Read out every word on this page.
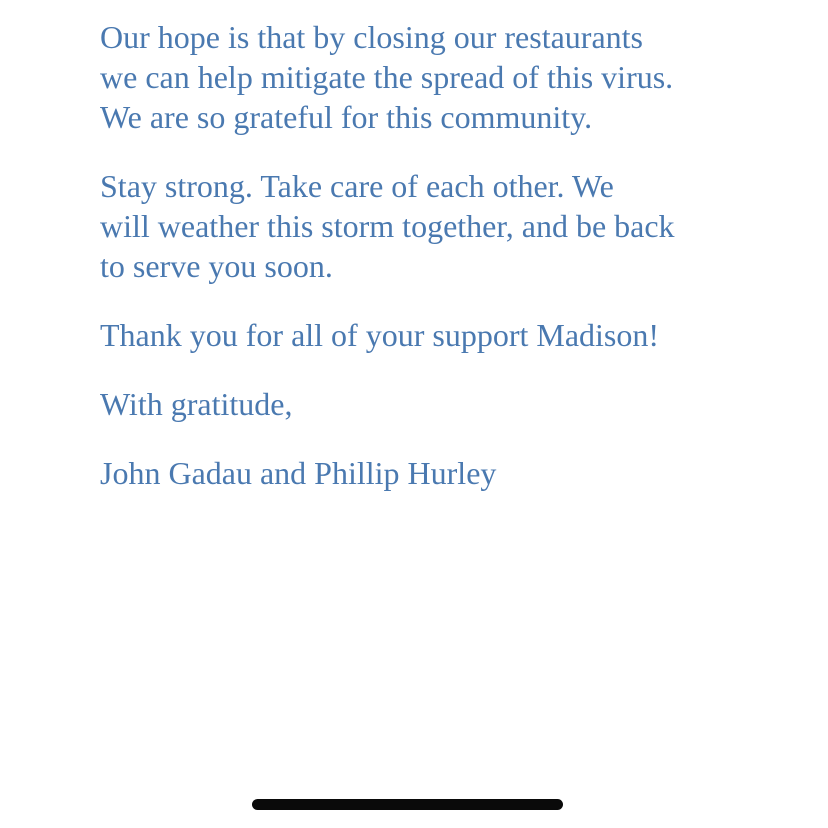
Our hope is that by closing our restaurants
we can help mitigate the spread of this virus.
We are so grateful for this community.

Stay strong. Take care of each other. We
will weather this storm together, and be back
to serve you soon.

Thank you for all of your support Madison!

With gratitude,

John Gadau and Phillip Hurley
